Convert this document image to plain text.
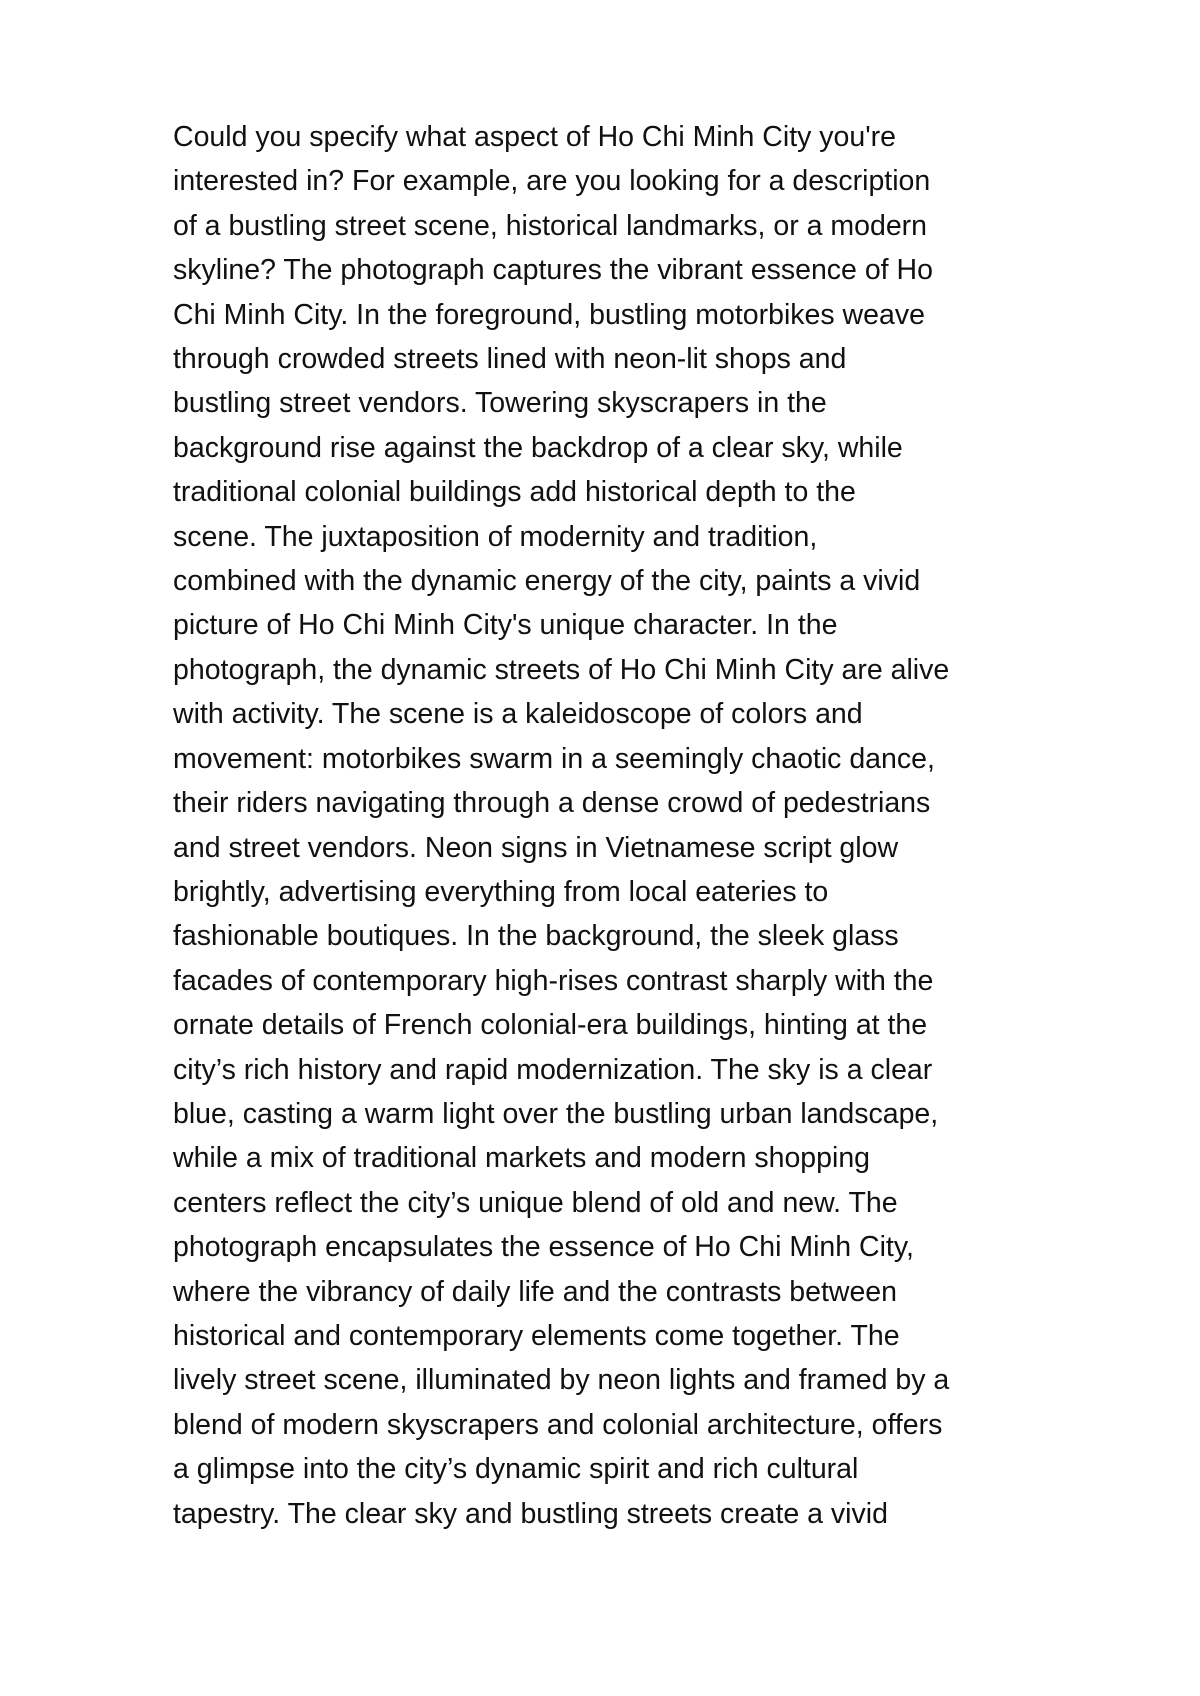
Could you specify what aspect of Ho Chi Minh City you're
interested in? For example, are you looking for a description
of a bustling street scene, historical landmarks, or a modern
skyline? The photograph captures the vibrant essence of Ho
Chi Minh City. In the foreground, bustling motorbikes weave
through crowded streets lined with neon-lit shops and
bustling street vendors. Towering skyscrapers in the
background rise against the backdrop of a clear sky, while
traditional colonial buildings add historical depth to the
scene. The juxtaposition of modernity and tradition,
combined with the dynamic energy of the city, paints a vivid
picture of Ho Chi Minh City's unique character. In the
photograph, the dynamic streets of Ho Chi Minh City are alive
with activity. The scene is a kaleidoscope of colors and
movement: motorbikes swarm in a seemingly chaotic dance,
their riders navigating through a dense crowd of pedestrians
and street vendors. Neon signs in Vietnamese script glow
brightly, advertising everything from local eateries to
fashionable boutiques. In the background, the sleek glass
facades of contemporary high-rises contrast sharply with the
ornate details of French colonial-era buildings, hinting at the
city’s rich history and rapid modernization. The sky is a clear
blue, casting a warm light over the bustling urban landscape,
while a mix of traditional markets and modern shopping
centers reflect the city’s unique blend of old and new. The
photograph encapsulates the essence of Ho Chi Minh City,
where the vibrancy of daily life and the contrasts between
historical and contemporary elements come together. The
lively street scene, illuminated by neon lights and framed by a
blend of modern skyscrapers and colonial architecture, offers
a glimpse into the city’s dynamic spirit and rich cultural
tapestry. The clear sky and bustling streets create a vivid
